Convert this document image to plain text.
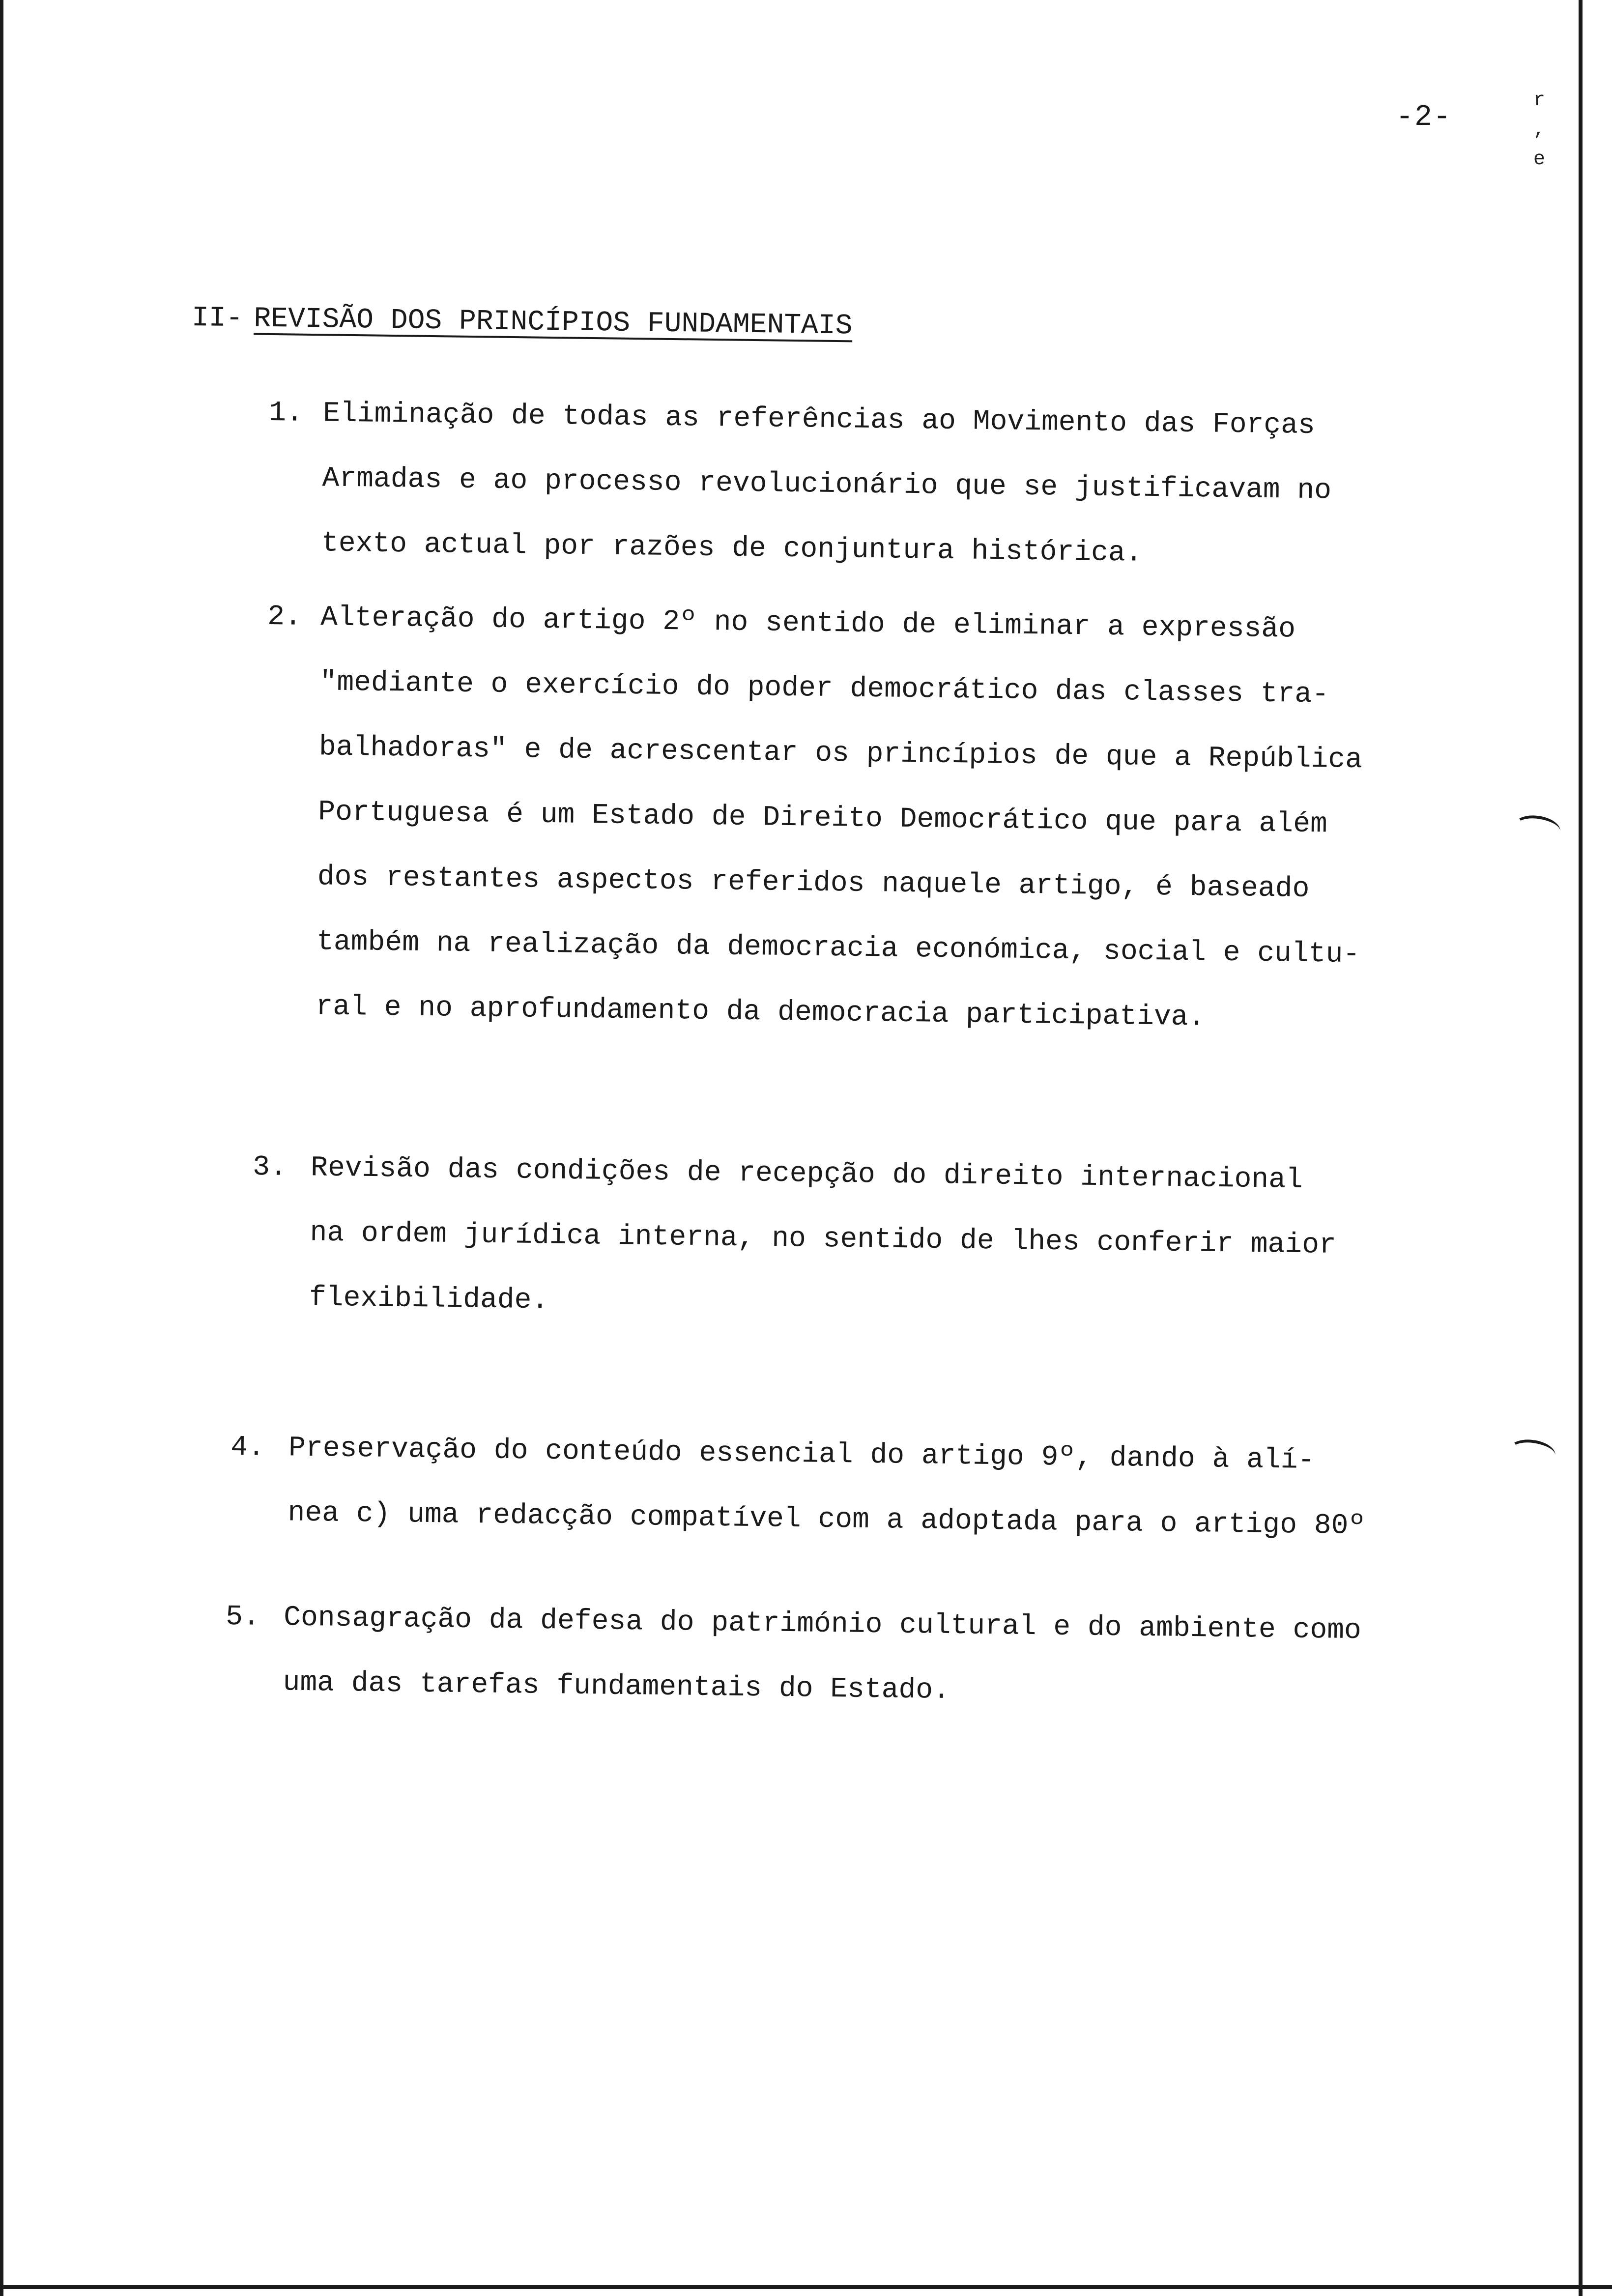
-2-
r
,
e
II- REVISÃO DOS PRINCÍPIOS FUNDAMENTAIS
1. Eliminação de todas as referências ao Movimento das Forças
Armadas e ao processo revolucionário que se justificavam no
texto actual por razões de conjuntura histórica.
2. Alteração do artigo 2º no sentido de eliminar a expressão
"mediante o exercício do poder democrático das classes tra-
balhadoras" e de acrescentar os princípios de que a República
Portuguesa é um Estado de Direito Democrático que para além
dos restantes aspectos referidos naquele artigo, é baseado
também na realização da democracia económica, social e cultu-
ral e no aprofundamento da democracia participativa.
3. Revisão das condições de recepção do direito internacional
na ordem jurídica interna, no sentido de lhes conferir maior
flexibilidade.
4. Preservação do conteúdo essencial do artigo 9º, dando à alí-
nea c) uma redacção compatível com a adoptada para o artigo 80º
5. Consagração da defesa do património cultural e do ambiente como
uma das tarefas fundamentais do Estado.
